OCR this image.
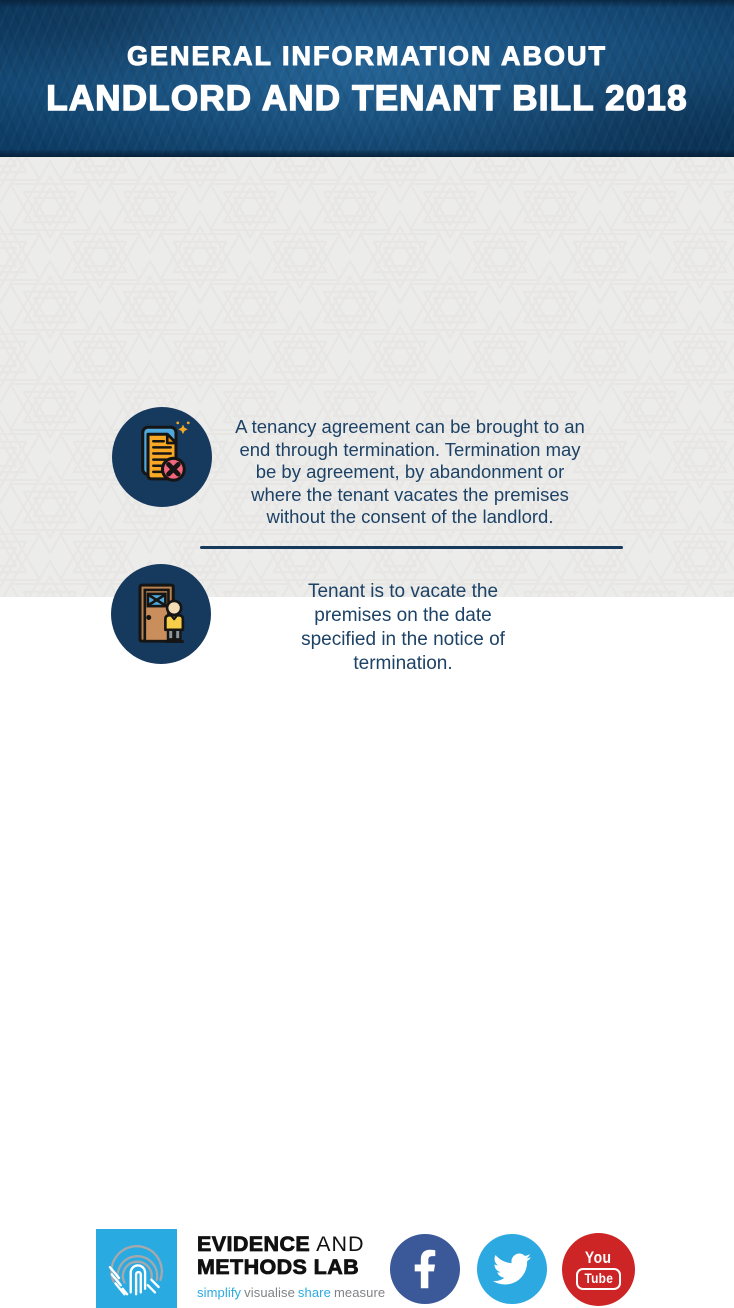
GENERAL INFORMATION ABOUT
LANDLORD AND TENANT BILL 2018
A tenancy agreement can be brought to an end through termination. Termination may be by agreement, by abandonment or where the tenant vacates the premises without the consent of the landlord.
Tenant is to vacate the premises on the date specified in the notice of termination.
EVIDENCE AND
METHODS LAB
simplify visualise share measure
You
Tube
